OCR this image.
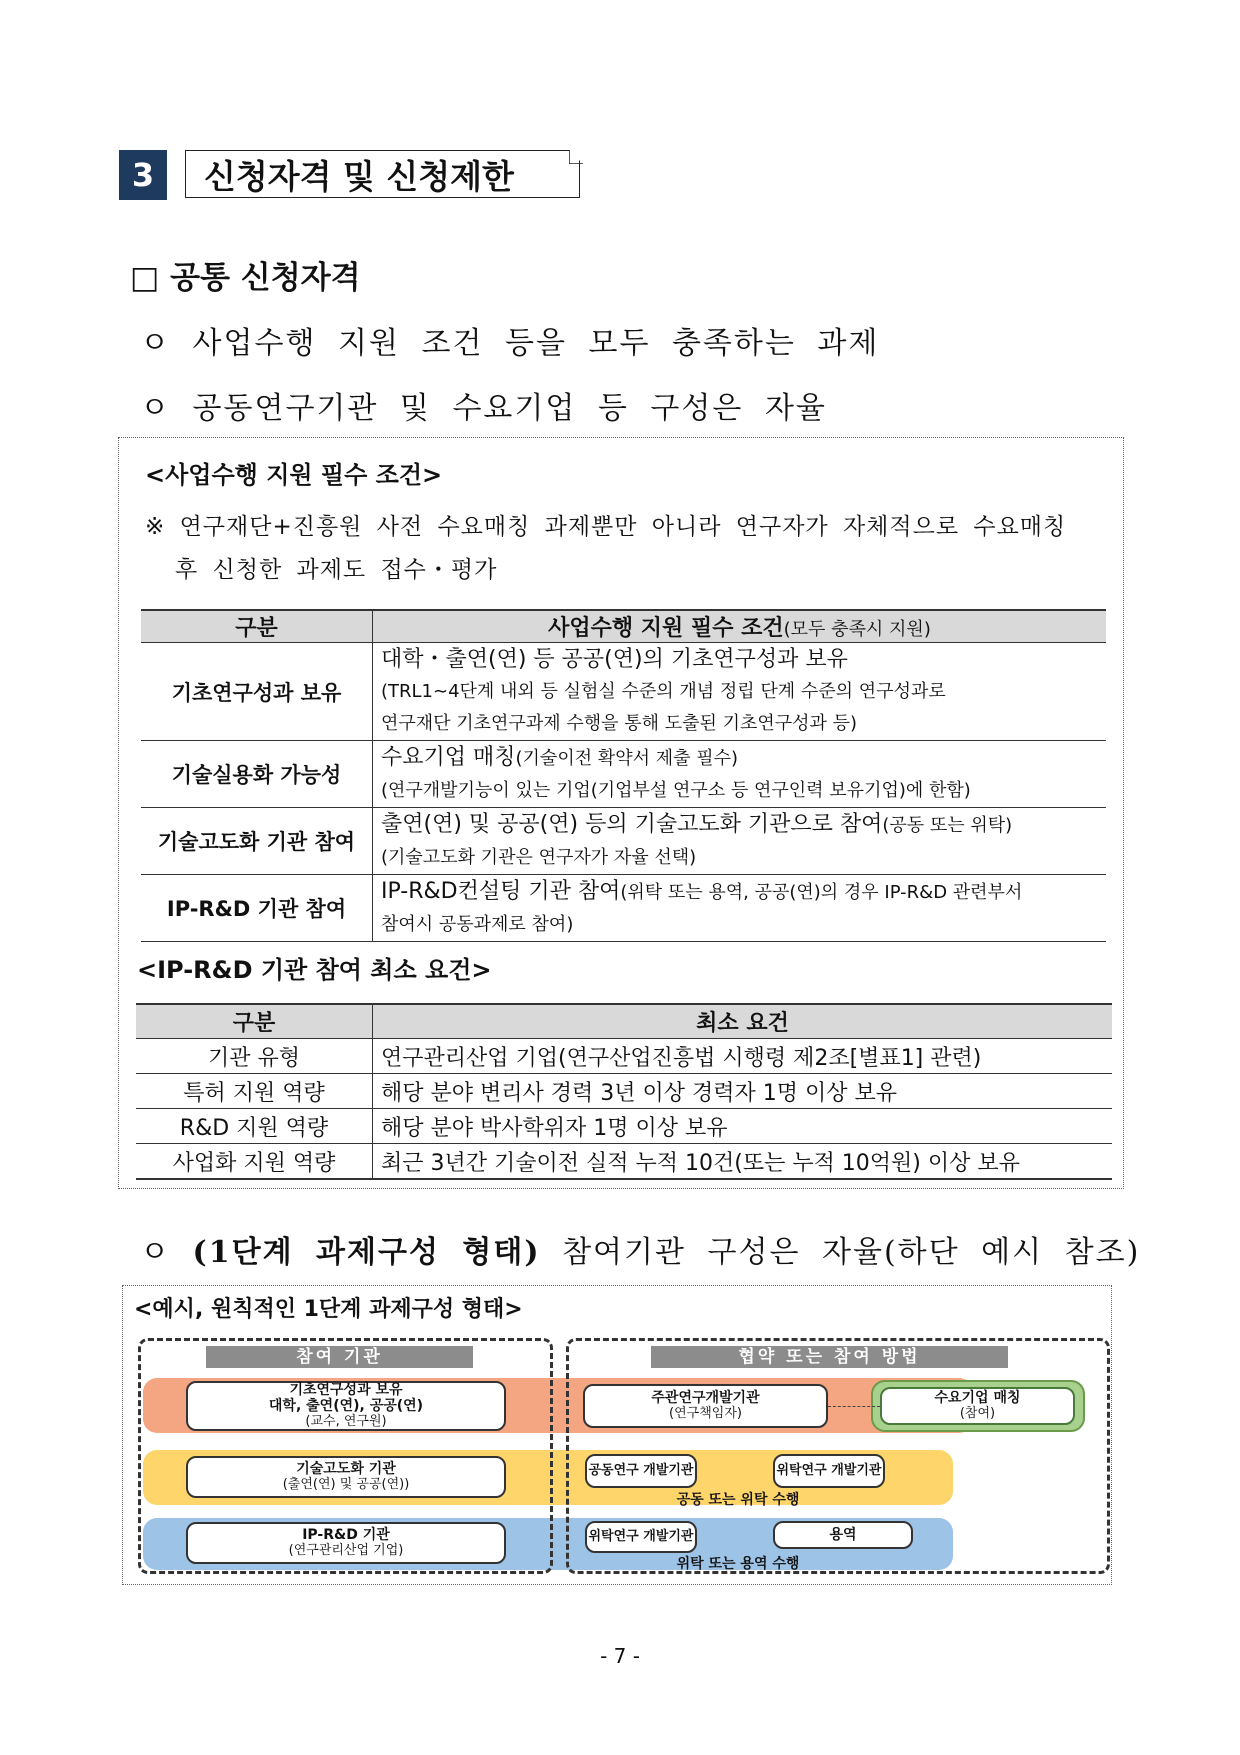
3	신청자격 및 신청제한
□ 공통 신청자격
ㅇ 사업수행 지원 조건 등을 모두 충족하는 과제
ㅇ 공동연구기관 및 수요기업 등 구성은 자율
<사업수행 지원 필수 조건>
※ 연구재단+진흥원 사전 수요매칭 과제뿐만 아니라 연구자가 자체적으로 수요매칭
후 신청한 과제도 접수・평가
구분	사업수행 지원 필수 조건(모두 충족시 지원)
기초연구성과 보유	대학・출연(연) 등 공공(연)의 기초연구성과 보유
(TRL1∼4단계 내외 등 실험실 수준의 개념 정립 단계 수준의 연구성과로
연구재단 기초연구과제 수행을 통해 도출된 기초연구성과 등)

기술실용화 가능성	수요기업 매칭(기술이전 확약서 제출 필수)
(연구개발기능이 있는 기업(기업부설 연구소 등 연구인력 보유기업)에 한함)

기술고도화 기관 참여	출연(연) 및 공공(연) 등의 기술고도화 기관으로 참여(공동 또는 위탁)
(기술고도화 기관은 연구자가 자율 선택)

IP-R&D 기관 참여	IP-R&D컨설팅 기관 참여(위탁 또는 용역, 공공(연)의 경우 IP-R&D 관련부서
참여시 공동과제로 참여)
<IP-R&D 기관 참여 최소 요건>
구분	최소 요건
기관 유형	연구관리산업 기업(연구산업진흥법 시행령 제2조[별표1] 관련)
특허 지원 역량	해당 분야 변리사 경력 3년 이상 경력자 1명 이상 보유
R&D 지원 역량	해당 분야 박사학위자 1명 이상 보유
사업화 지원 역량	최근 3년간 기술이전 실적 누적 10건(또는 누적 10억원) 이상 보유
ㅇ (1단계 과제구성 형태) 참여기관 구성은 자율(하단 예시 참조)
<예시, 원칙적인 1단계 과제구성 형태>
참여 기관	협약 또는 참여 방법
기초연구성과 보유
대학, 출연(연), 공공(연)
(교수, 연구원)
주관연구개발기관
(연구책임자)
수요기업 매칭
(참여)
기술고도화 기관
(출연(연) 및 공공(연))
공동연구 개발기관	위탁연구 개발기관
공동 또는 위탁 수행
IP-R&D 기관
(연구관리산업 기업)
위탁연구 개발기관	용역
위탁 또는 용역 수행
- 7 -
